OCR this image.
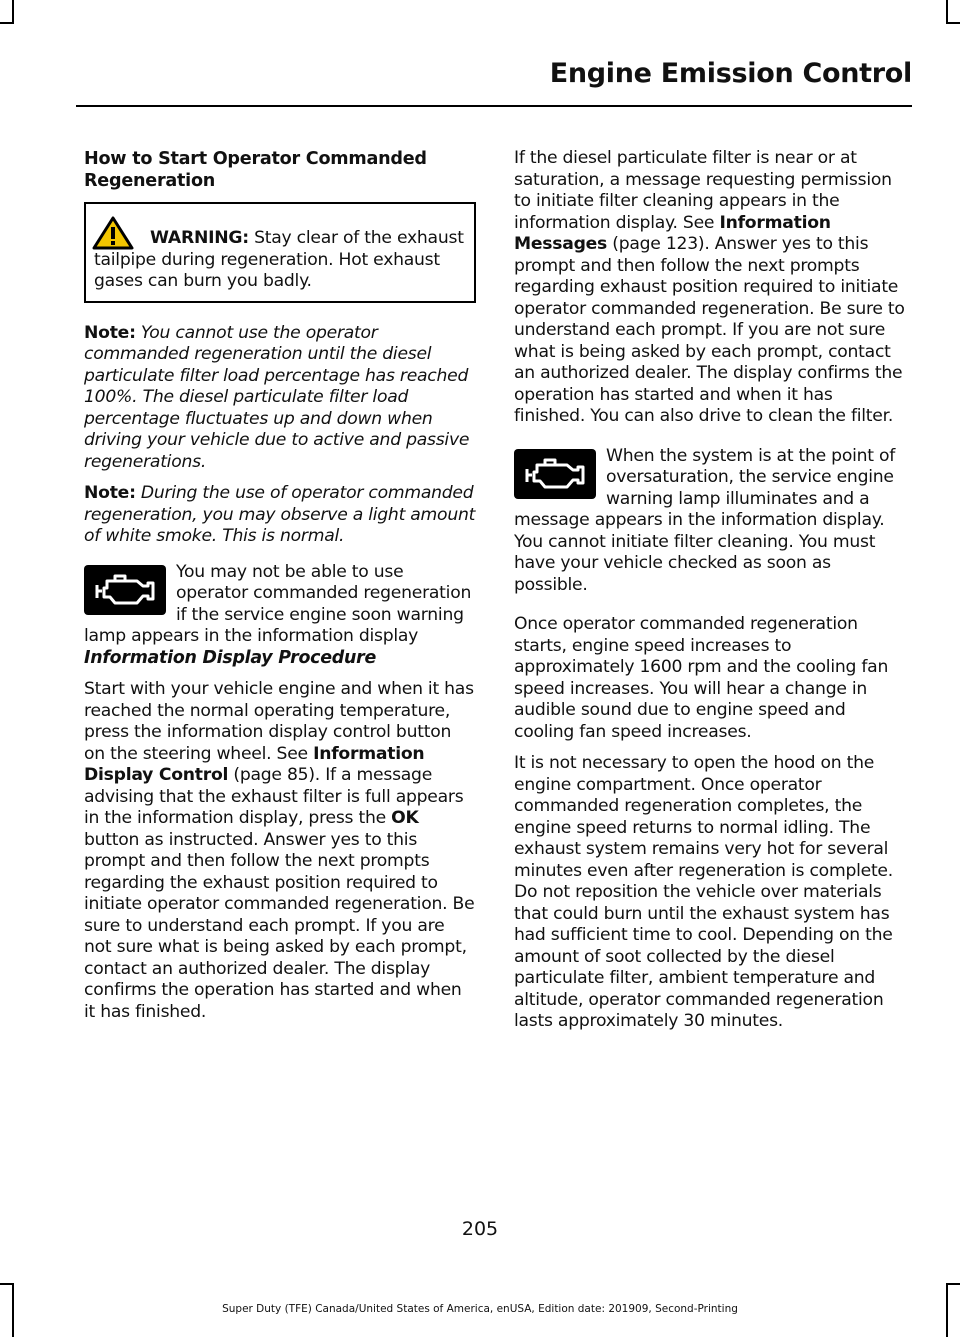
Engine Emission Control

How to Start Operator Commanded Regeneration

WARNING: Stay clear of the exhaust tailpipe during regeneration. Hot exhaust gases can burn you badly.

Note: You cannot use the operator commanded regeneration until the diesel particulate filter load percentage has reached 100%. The diesel particulate filter load percentage fluctuates up and down when driving your vehicle due to active and passive regenerations.

Note: During the use of operator commanded regeneration, you may observe a light amount of white smoke. This is normal.

You may not be able to use operator commanded regeneration if the service engine soon warning lamp appears in the information display

Information Display Procedure

Start with your vehicle engine and when it has reached the normal operating temperature, press the information display control button on the steering wheel. See Information Display Control (page 85). If a message advising that the exhaust filter is full appears in the information display, press the OK button as instructed. Answer yes to this prompt and then follow the next prompts regarding the exhaust position required to initiate operator commanded regeneration. Be sure to understand each prompt. If you are not sure what is being asked by each prompt, contact an authorized dealer. The display confirms the operation has started and when it has finished.

If the diesel particulate filter is near or at saturation, a message requesting permission to initiate filter cleaning appears in the information display. See Information Messages (page 123). Answer yes to this prompt and then follow the next prompts regarding exhaust position required to initiate operator commanded regeneration. Be sure to understand each prompt. If you are not sure what is being asked by each prompt, contact an authorized dealer. The display confirms the operation has started and when it has finished. You can also drive to clean the filter.

When the system is at the point of oversaturation, the service engine warning lamp illuminates and a message appears in the information display. You cannot initiate filter cleaning. You must have your vehicle checked as soon as possible.

Once operator commanded regeneration starts, engine speed increases to approximately 1600 rpm and the cooling fan speed increases. You will hear a change in audible sound due to engine speed and cooling fan speed increases.

It is not necessary to open the hood on the engine compartment. Once operator commanded regeneration completes, the engine speed returns to normal idling. The exhaust system remains very hot for several minutes even after regeneration is complete. Do not reposition the vehicle over materials that could burn until the exhaust system has had sufficient time to cool. Depending on the amount of soot collected by the diesel particulate filter, ambient temperature and altitude, operator commanded regeneration lasts approximately 30 minutes.

205
Super Duty (TFE) Canada/United States of America, enUSA, Edition date: 201909, Second-Printing
